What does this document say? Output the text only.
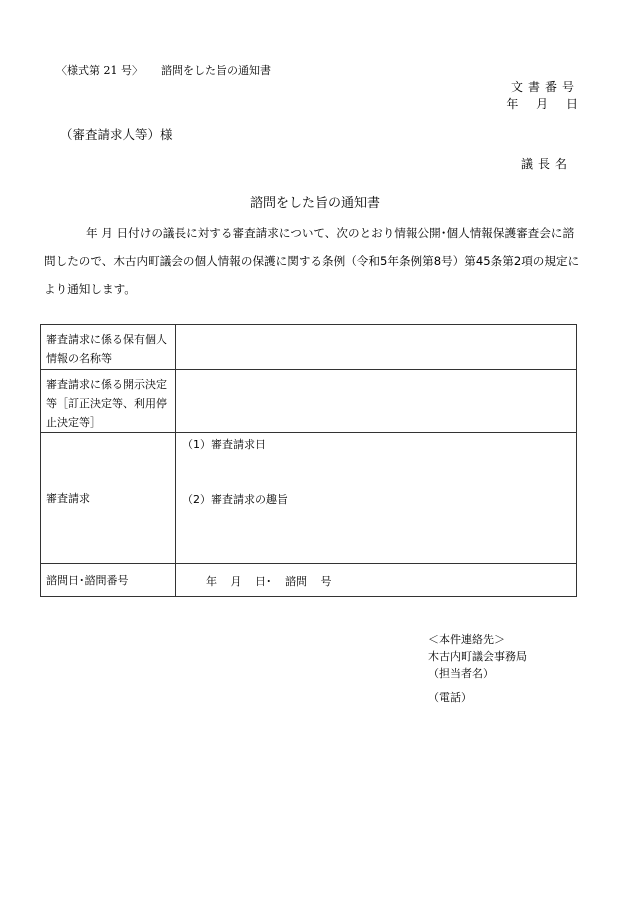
〈様式第 21 号〉 諮問をした旨の通知書
文書番号
年 月 日
（審査請求人等）様
議長名
諮問をした旨の通知書
年 月 日付けの議長に対する審査請求について、次のとおり情報公開･個人情報保護審査会に諮問したので、木古内町議会の個人情報の保護に関する条例（令和5年条例第8号）第45条第2項の規定により通知します。
審査請求に係る保有個人情報の名称等	
審査請求に係る開示決定等［訂正決定等、利用停止決定等］	
審査請求	（1）審査請求日
（2）審査請求の趣旨

諮問日･諮問番号	年 月 日･ 諮問 号
＜本件連絡先＞
木古内町議会事務局
（担当者名）
（電話）
